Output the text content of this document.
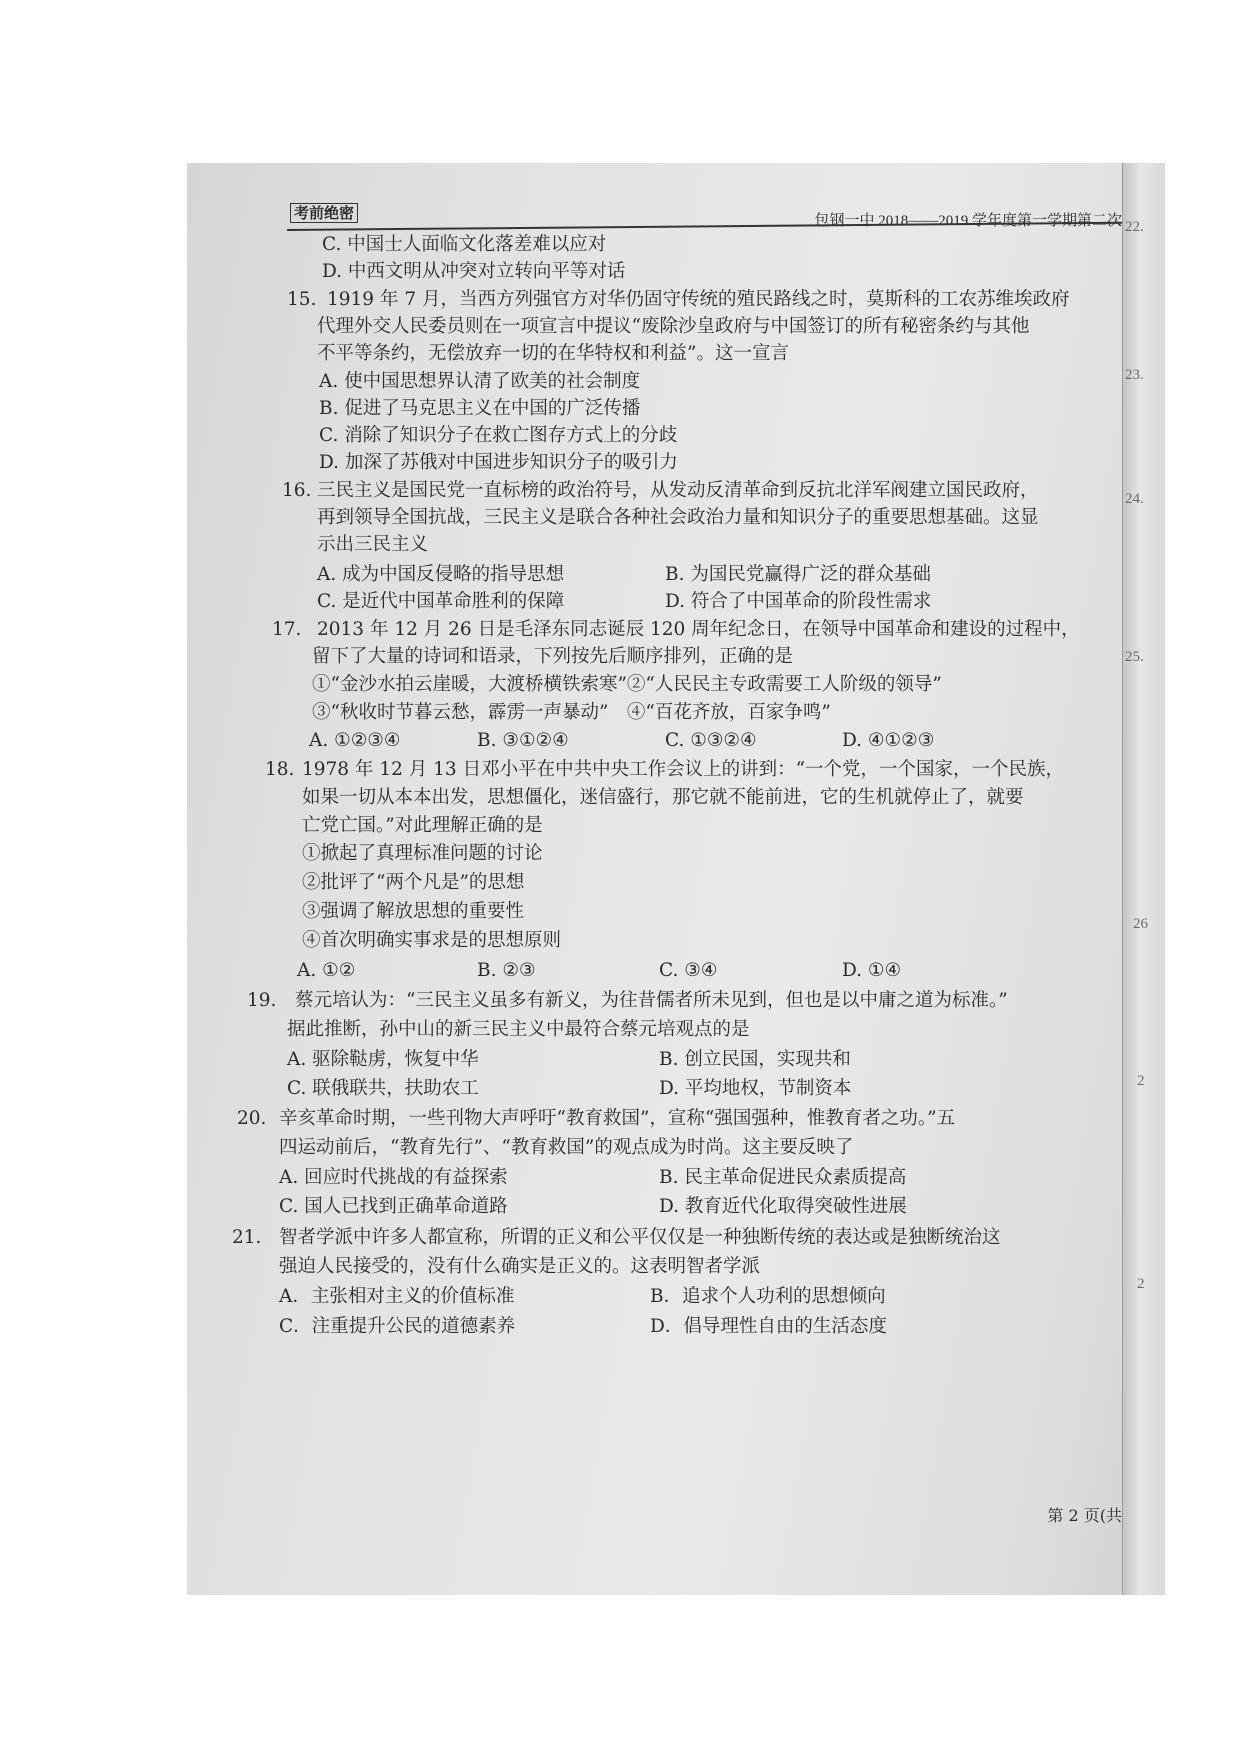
考前绝密	包钢一中 2018——2019 学年度第一学期第二次
C. 中国士人面临文化落差难以应对
D. 中西文明从冲突对立转向平等对话
15. 1919 年 7 月，当西方列强官方对华仍固守传统的殖民路线之时，莫斯科的工农苏维埃政府
代理外交人民委员则在一项宣言中提议“废除沙皇政府与中国签订的所有秘密条约与其他
不平等条约，无偿放弃一切的在华特权和利益”。这一宣言
A. 使中国思想界认清了欧美的社会制度
B. 促进了马克思主义在中国的广泛传播
C. 消除了知识分子在救亡图存方式上的分歧
D. 加深了苏俄对中国进步知识分子的吸引力
16. 三民主义是国民党一直标榜的政治符号，从发动反清革命到反抗北洋军阀建立国民政府，
再到领导全国抗战，三民主义是联合各种社会政治力量和知识分子的重要思想基础。这显
示出三民主义
A. 成为中国反侵略的指导思想	B. 为国民党赢得广泛的群众基础
C. 是近代中国革命胜利的保障	D. 符合了中国革命的阶段性需求
17. 2013 年 12 月 26 日是毛泽东同志诞辰 120 周年纪念日，在领导中国革命和建设的过程中，
留下了大量的诗词和语录，下列按先后顺序排列，正确的是
①“金沙水拍云崖暖，大渡桥横铁索寒”②“人民民主专政需要工人阶级的领导”
③“秋收时节暮云愁，霹雳一声暴动”　④“百花齐放，百家争鸣”
A. ①②③④	B. ③①②④	C. ①③②④	D. ④①②③
18. 1978 年 12 月 13 日邓小平在中共中央工作会议上的讲到：“一个党，一个国家，一个民族，
如果一切从本本出发，思想僵化，迷信盛行，那它就不能前进，它的生机就停止了，就要
亡党亡国。”对此理解正确的是
①掀起了真理标准问题的讨论
②批评了“两个凡是”的思想
③强调了解放思想的重要性
④首次明确实事求是的思想原则
A. ①②	B. ②③	C. ③④	D. ①④
19. 蔡元培认为：“三民主义虽多有新义，为往昔儒者所未见到，但也是以中庸之道为标准。”
据此推断，孙中山的新三民主义中最符合蔡元培观点的是
A. 驱除鞑虏，恢复中华	B. 创立民国，实现共和
C. 联俄联共，扶助农工	D. 平均地权，节制资本
20. 辛亥革命时期，一些刊物大声呼吁“教育救国”，宣称“强国强种，惟教育者之功。”五
四运动前后，“教育先行”、“教育救国”的观点成为时尚。这主要反映了
A. 回应时代挑战的有益探索	B. 民主革命促进民众素质提高
C. 国人已找到正确革命道路	D. 教育近代化取得突破性进展
21. 智者学派中许多人都宣称，所谓的正义和公平仅仅是一种独断传统的表达或是独断统治这
强迫人民接受的，没有什么确实是正义的。这表明智者学派
A．主张相对主义的价值标准	B．追求个人功利的思想倾向
C．注重提升公民的道德素养	D．倡导理性自由的生活态度
第 2 页(共
22.
23.
24.
25.
26
2
2
